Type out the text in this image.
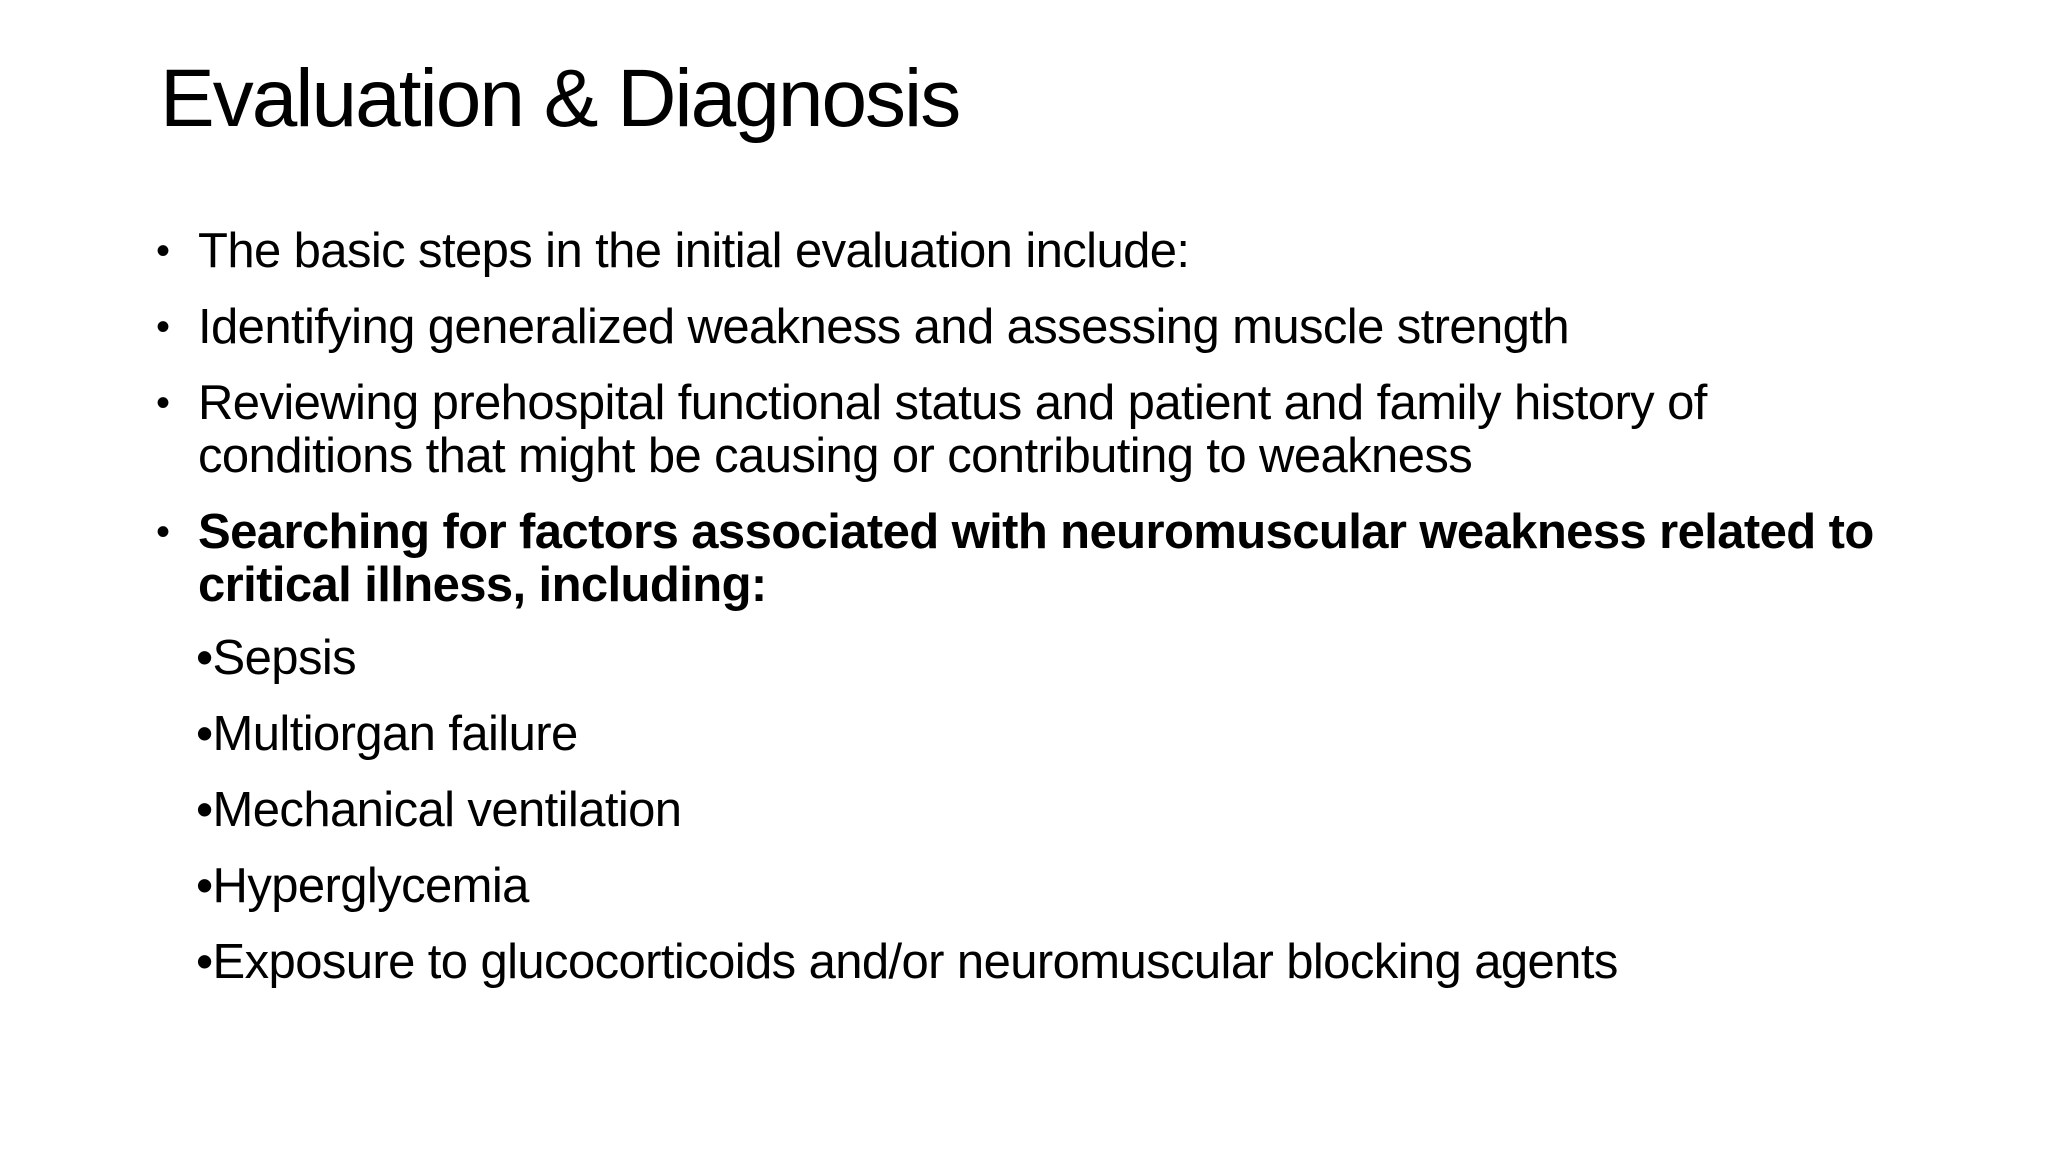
Evaluation & Diagnosis
• The basic steps in the initial evaluation include:
• Identifying generalized weakness and assessing muscle strength
• Reviewing prehospital functional status and patient and family history of conditions that might be causing or contributing to weakness
• Searching for factors associated with neuromuscular weakness related to critical illness, including:
•Sepsis
•Multiorgan failure
•Mechanical ventilation
•Hyperglycemia
•Exposure to glucocorticoids and/or neuromuscular blocking agents
